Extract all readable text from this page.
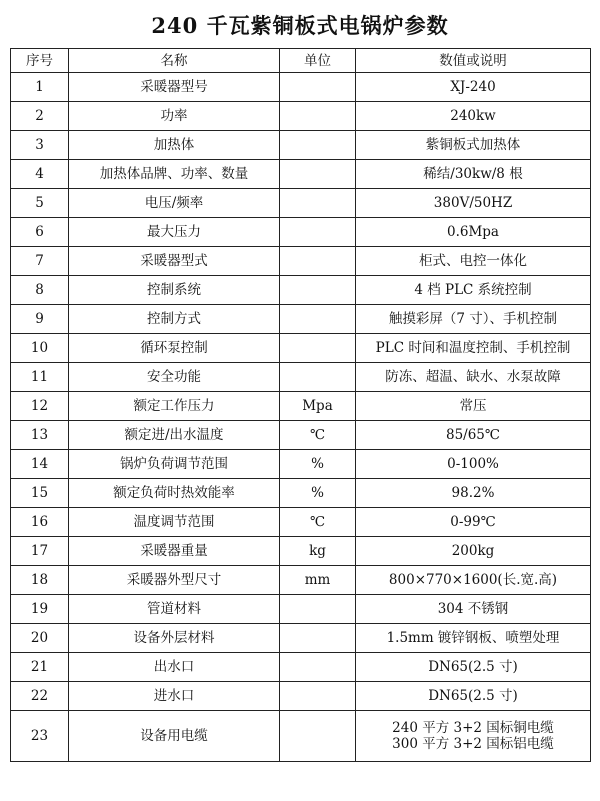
240 千瓦紫铜板式电锅炉参数
序号	名称	单位	数值或说明
1	采暖器型号		XJ-240
2	功率		240kw
3	加热体		紫铜板式加热体
4	加热体品牌、功率、数量		稀结/30kw/8 根
5	电压/频率		380V/50HZ
6	最大压力		0.6Mpa
7	采暖器型式		柜式、电控一体化
8	控制系统		4 档 PLC 系统控制
9	控制方式		触摸彩屏（7 寸）、手机控制
10	循环泵控制		PLC 时间和温度控制、手机控制
11	安全功能		防冻、超温、缺水、水泵故障
12	额定工作压力	Mpa	常压
13	额定进/出水温度	℃	85/65℃
14	锅炉负荷调节范围	%	0-100%
15	额定负荷时热效能率	%	98.2%
16	温度调节范围	℃	0-99℃
17	采暖器重量	kg	200kg
18	采暖器外型尺寸	mm	800×770×1600(长.宽.高)
19	管道材料		304 不锈钢
20	设备外层材料		1.5mm 镀锌钢板、喷塑处理
21	出水口		DN65(2.5 寸)
22	进水口		DN65(2.5 寸)
23	设备用电缆		240 平方 3+2 国标铜电缆
300 平方 3+2 国标铝电缆
